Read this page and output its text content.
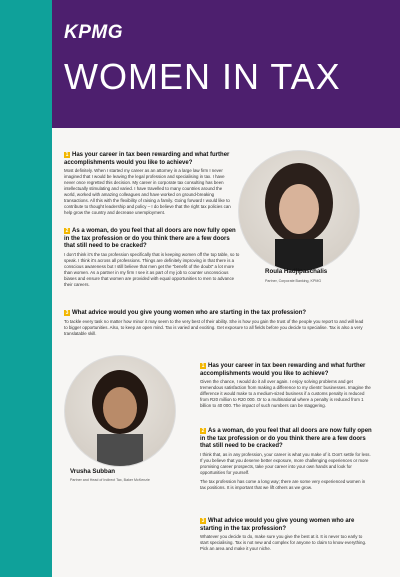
KPMG
WOMEN IN TAX

1 Has your career in tax been rewarding and what further accomplishments would you like to achieve?

Most definitely. When I started my career as an attorney in a large law firm I never imagined that I would be leaving the legal profession and specialising in tax. I have never once regretted this decision. My career in corporate tax consulting has been intellectually stimulating and varied. I have travelled to many countries around the world, worked with amazing colleagues and have worked on ground-breaking transactions. All this with the flexibility of raising a family. Going forward I would like to contribute to thought leadership and policy – I do believe that the right tax policies can help grow the country and decrease unemployment.

2 As a woman, do you feel that all doors are now fully open in the tax profession or do you think there are a few doors that still need to be cracked?

I don't think it's the tax profession specifically that is keeping women off the top table, so to speak. I think it's across all professions. Things are definitely improving in that there is a conscious awareness but I still believe that men get the "benefit of the doubt" a lot more than women. As a partner in my firm I see it as part of my job to counter unconscious biases and ensure that women are provided with equal opportunities to men to advance their careers.

3 What advice would you give young women who are starting in the tax profession?

To tackle every task no matter how minor it may seem to the very best of their ability. She is how you gain the trust of the people you report to and will lead to bigger opportunities. Also, to keep an open mind. Tax is varied and exciting. Get exposure to all fields before you decide to specialise. Tax is also a very translatable skill.

Roula Hadjipaschalis
Partner, Corporate Banking, KPMG
Vrusha Subban
Partner and Head of Indirect Tax, Baker McKenzie

1 Has your career in tax been rewarding and what further accomplishments would you like to achieve?

Given the chance, I would do it all over again. I enjoy solving problems and get tremendous satisfaction from making a difference to my clients' businesses. Imagine the difference it would make to a medium-sized business if a customs penalty is reduced from R20 million to R20 000. Or to a multinational where a penalty is reduced from 1 billion to 40 000. The impact of such numbers can be staggering.

2 As a woman, do you feel that all doors are now fully open in the tax profession or do you think there are a few doors that still need to be cracked?

I think that, as in any profession, your career is what you make of it. Don't settle for less. If you believe that you deserve better exposure, more challenging experiences or more promising career prospects, take your career into your own hands and look for opportunities for yourself.

The tax profession has come a long way; there are some very experienced women in tax positions. It is important that we lift others as we grow.

3 What advice would you give young women who are starting in the tax profession?

Whatever you decide to do, make sure you give the best at it. It is never too early to start specialising. Tax is not new and complex for anyone to claim to know everything. Pick an area and make it your niche.
